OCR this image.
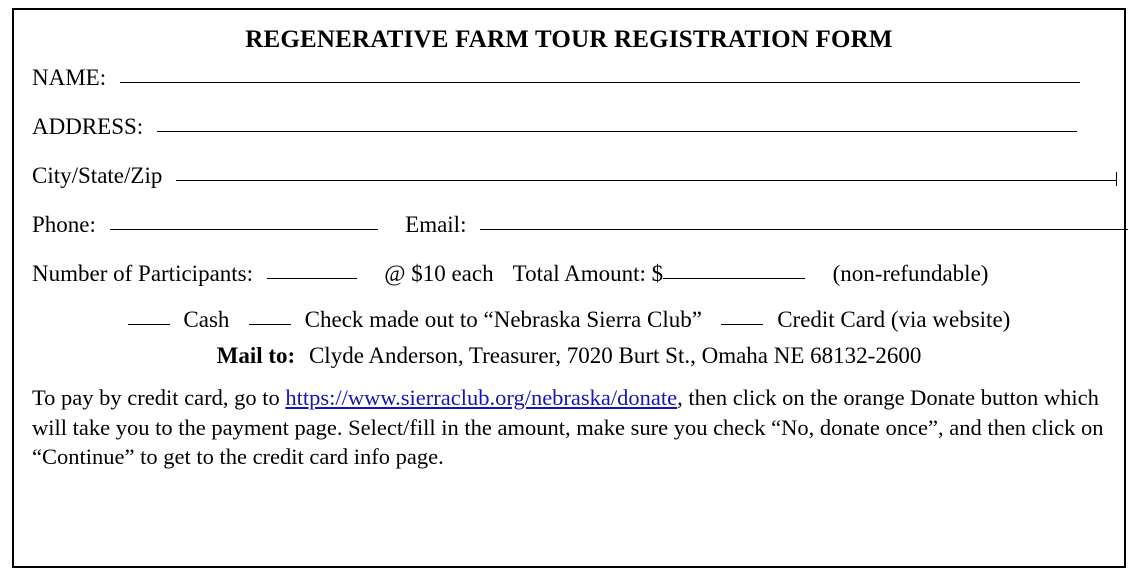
REGENERATIVE FARM TOUR REGISTRATION FORM
NAME:
ADDRESS:
City/State/Zip
Phone:	Email:
Number of Participants:	@ $10 each Total Amount: $	(non-refundable)
Cash	Check made out to “Nebraska Sierra Club”	Credit Card (via website)
Mail to: Clyde Anderson, Treasurer, 7020 Burt St., Omaha NE 68132-2600

To pay by credit card, go to https://www.sierraclub.org/nebraska/donate, then click on the orange Donate button which will take you to the payment page. Select/fill in the amount, make sure you check “No, donate once”, and then click on “Continue” to get to the credit card info page.
